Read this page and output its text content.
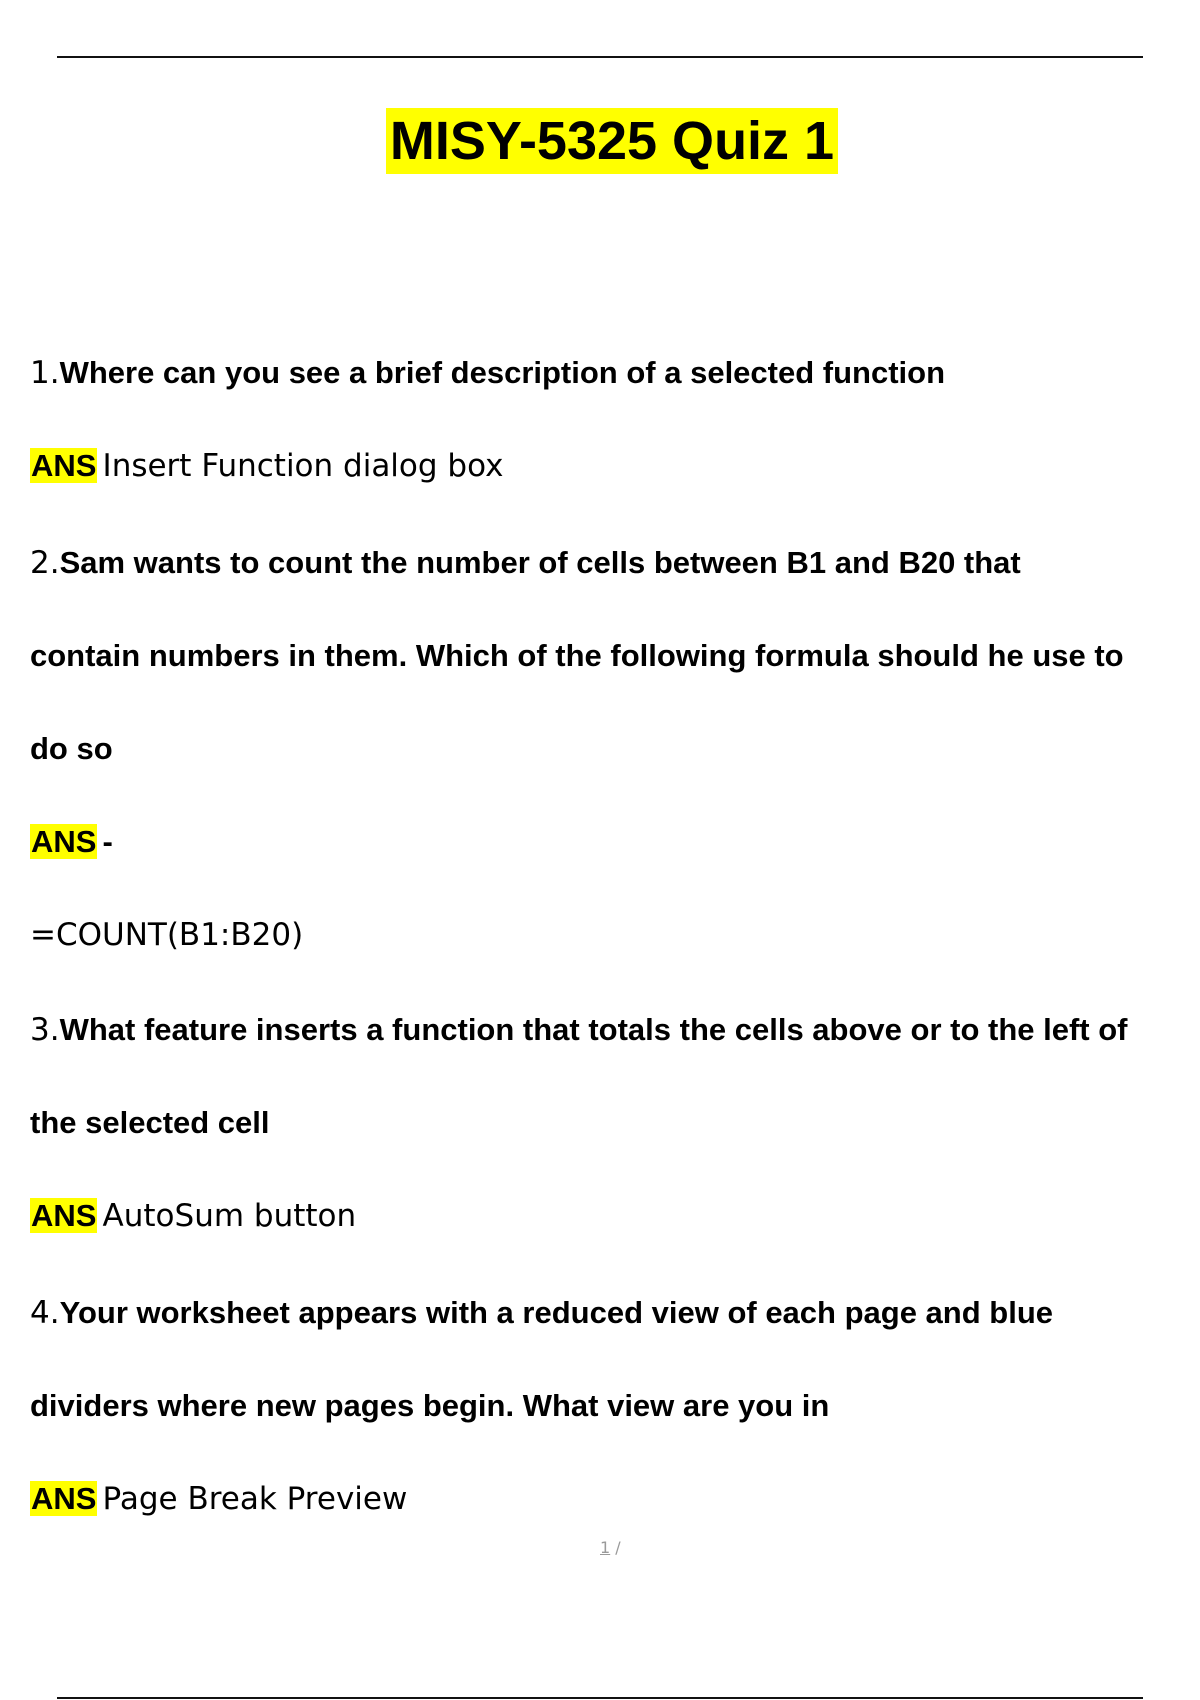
MISY-5325 Quiz 1
1.Where can you see a brief description of a selected function
ANS Insert Function dialog box
2.Sam wants to count the number of cells between B1 and B20 that
contain numbers in them. Which of the following formula should he use to
do so
ANS -
=COUNT(B1:B20)
3.What feature inserts a function that totals the cells above or to the left of
the selected cell
ANS AutoSum button
4.Your worksheet appears with a reduced view of each page and blue
dividers where new pages begin. What view are you in
ANS Page Break Preview
1 /
